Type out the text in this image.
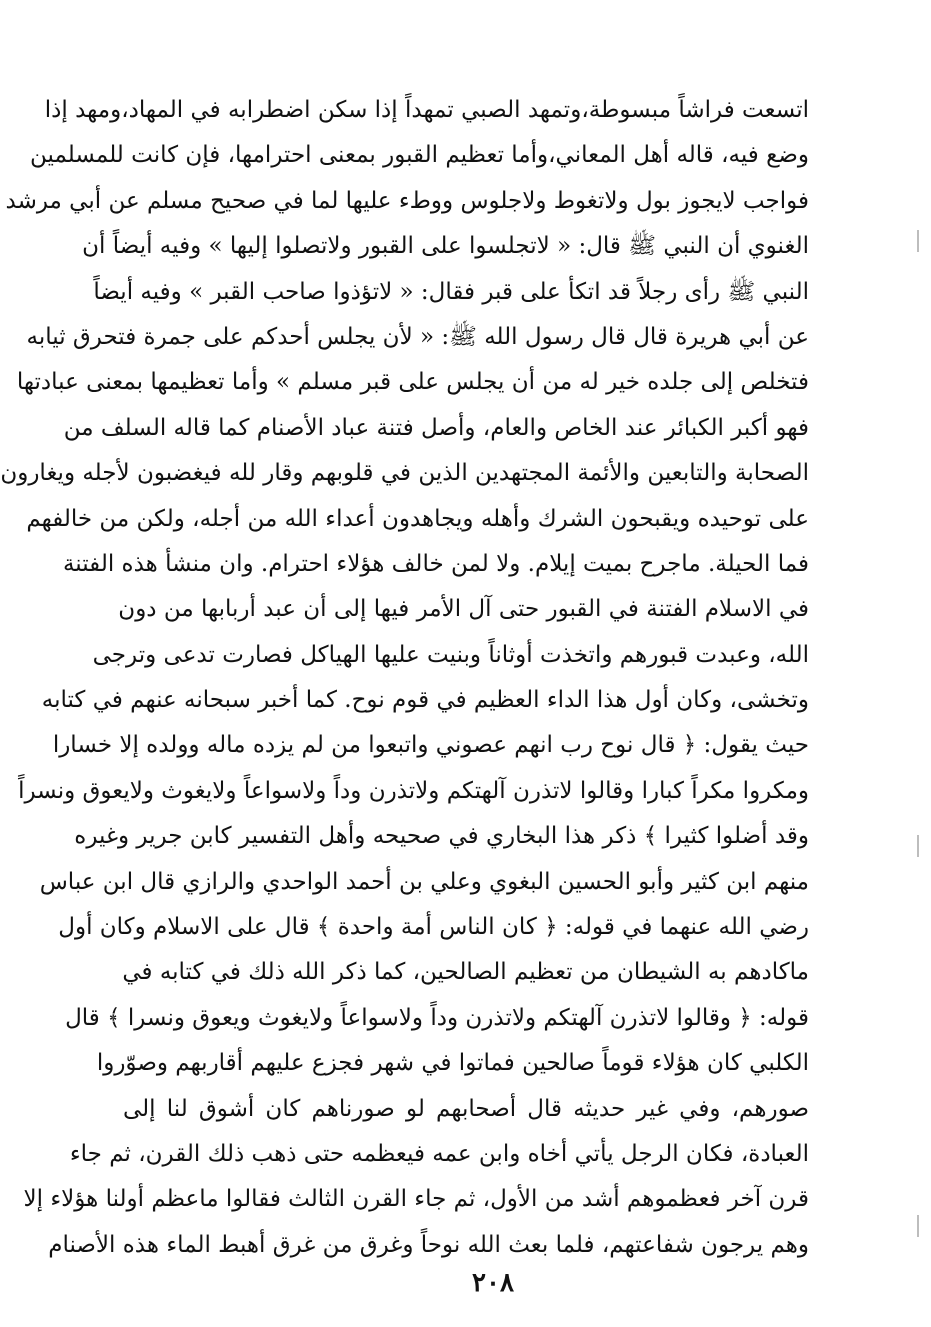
اتسعت فراشاً مبسوطة،وتمهد الصبي تمهداً إذا سكن اضطرابه في المهاد،ومهد إذا
وضع فيه، قاله أهل المعاني،وأما تعظيم القبور بمعنى احترامها، فإن كانت للمسلمين
فواجب لايجوز بول ولاتغوط ولاجلوس ووطء عليها لما في صحيح مسلم عن أبي مرشد
الغنوي أن النبي ﷺ قال: « لاتجلسوا على القبور ولاتصلوا إليها » وفيه أيضاً أن
النبي ﷺ رأى رجلاً قد اتكأ على قبر فقال: « لاتؤذوا صاحب القبر » وفيه أيضاً
عن أبي هريرة قال قال رسول الله ﷺ: « لأن يجلس أحدكم على جمرة فتحرق ثيابه
فتخلص إلى جلده خير له من أن يجلس على قبر مسلم » وأما تعظيمها بمعنى عبادتها
فهو أكبر الكبائر عند الخاص والعام، وأصل فتنة عباد الأصنام كما قاله السلف من
الصحابة والتابعين والأئمة المجتهدين الذين في قلوبهم وقار لله فيغضبون لأجله ويغارون
على توحيده ويقبحون الشرك وأهله ويجاهدون أعداء الله من أجله، ولكن من خالفهم
فما الحيلة. ماجرح بميت إيلام. ولا لمن خالف هؤلاء احترام. وان منشأ هذه الفتنة
في الاسلام الفتنة في القبور حتى آل الأمر فيها إلى أن عبد أربابها من دون
الله، وعبدت قبورهم واتخذت أوثاناً وبنيت عليها الهياكل فصارت تدعى وترجى
وتخشى، وكان أول هذا الداء العظيم في قوم نوح. كما أخبر سبحانه عنهم في كتابه
حيث يقول: ﴿ قال نوح رب انهم عصوني واتبعوا من لم يزده ماله وولده إلا خسارا
ومكروا مكراً كبارا وقالوا لاتذرن آلهتكم ولاتذرن وداً ولاسواعاً ولايغوث ولايعوق ونسراً
وقد أضلوا كثيرا ﴾ ذكر هذا البخاري في صحيحه وأهل التفسير كابن جرير وغيره
منهم ابن كثير وأبو الحسين البغوي وعلي بن أحمد الواحدي والرازي قال ابن عباس
رضي الله عنهما في قوله: ﴿ كان الناس أمة واحدة ﴾ قال على الاسلام وكان أول
ماكادهم به الشيطان من تعظيم الصالحين، كما ذكر الله ذلك في كتابه في
قوله: ﴿ وقالوا لاتذرن آلهتكم ولاتذرن وداً ولاسواعاً ولايغوث ويعوق ونسرا ﴾ قال
الكلبي كان هؤلاء قوماً صالحين فماتوا في شهر فجزع عليهم أقاربهم وصوّروا
صورهم، وفي غير حديثه قال أصحابهم لو صورناهم كان أشوق لنا إلى
العبادة، فكان الرجل يأتي أخاه وابن عمه فيعظمه حتى ذهب ذلك القرن، ثم جاء
قرن آخر فعظموهم أشد من الأول، ثم جاء القرن الثالث فقالوا ماعظم أولنا هؤلاء إلا
وهم يرجون شفاعتهم، فلما بعث الله نوحاً وغرق من غرق أهبط الماء هذه الأصنام
٢٠٨
